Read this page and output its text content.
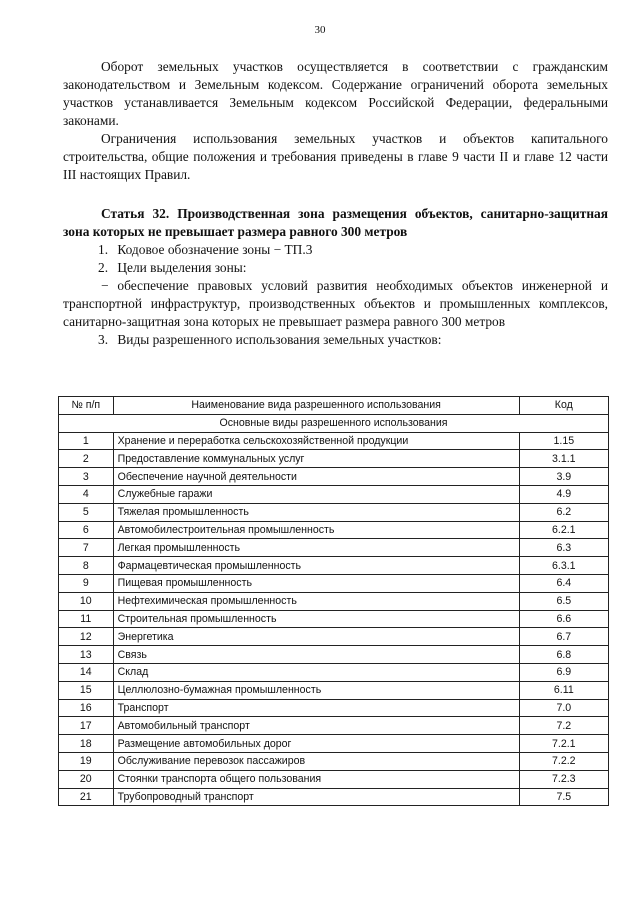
30

Оборот земельных участков осуществляется в соответствии с гражданским законодательством и Земельным кодексом. Содержание ограничений оборота земельных участков устанавливается Земельным кодексом Российской Федерации, федеральными законами.

Ограничения использования земельных участков и объектов капитального строительства, общие положения и требования приведены в главе 9 части II и главе 12 части III настоящих Правил.

Статья 32. Производственная зона размещения объектов, санитарно-защитная зона которых не превышает размера равного 300 метров

1. Кодовое обозначение зоны − ТП.3

2. Цели выделения зоны:

− обеспечение правовых условий развития необходимых объектов инженерной и транспортной инфраструктур, производственных объектов и промышленных комплексов, санитарно-защитная зона которых не превышает размера равного 300 метров

3. Виды разрешенного использования земельных участков:

№ п/п	Наименование вида разрешенного использования	Код
Основные виды разрешенного использования		
1	Хранение и переработка сельскохозяйственной продукции	1.15
2	Предоставление коммунальных услуг	3.1.1
3	Обеспечение научной деятельности	3.9
4	Служебные гаражи	4.9
5	Тяжелая промышленность	6.2
6	Автомобилестроительная промышленность	6.2.1
7	Легкая промышленность	6.3
8	Фармацевтическая промышленность	6.3.1
9	Пищевая промышленность	6.4
10	Нефтехимическая промышленность	6.5
11	Строительная промышленность	6.6
12	Энергетика	6.7
13	Связь	6.8
14	Склад	6.9
15	Целлюлозно-бумажная промышленность	6.11
16	Транспорт	7.0
17	Автомобильный транспорт	7.2
18	Размещение автомобильных дорог	7.2.1
19	Обслуживание перевозок пассажиров	7.2.2
20	Стоянки транспорта общего пользования	7.2.3
21	Трубопроводный транспорт	7.5
